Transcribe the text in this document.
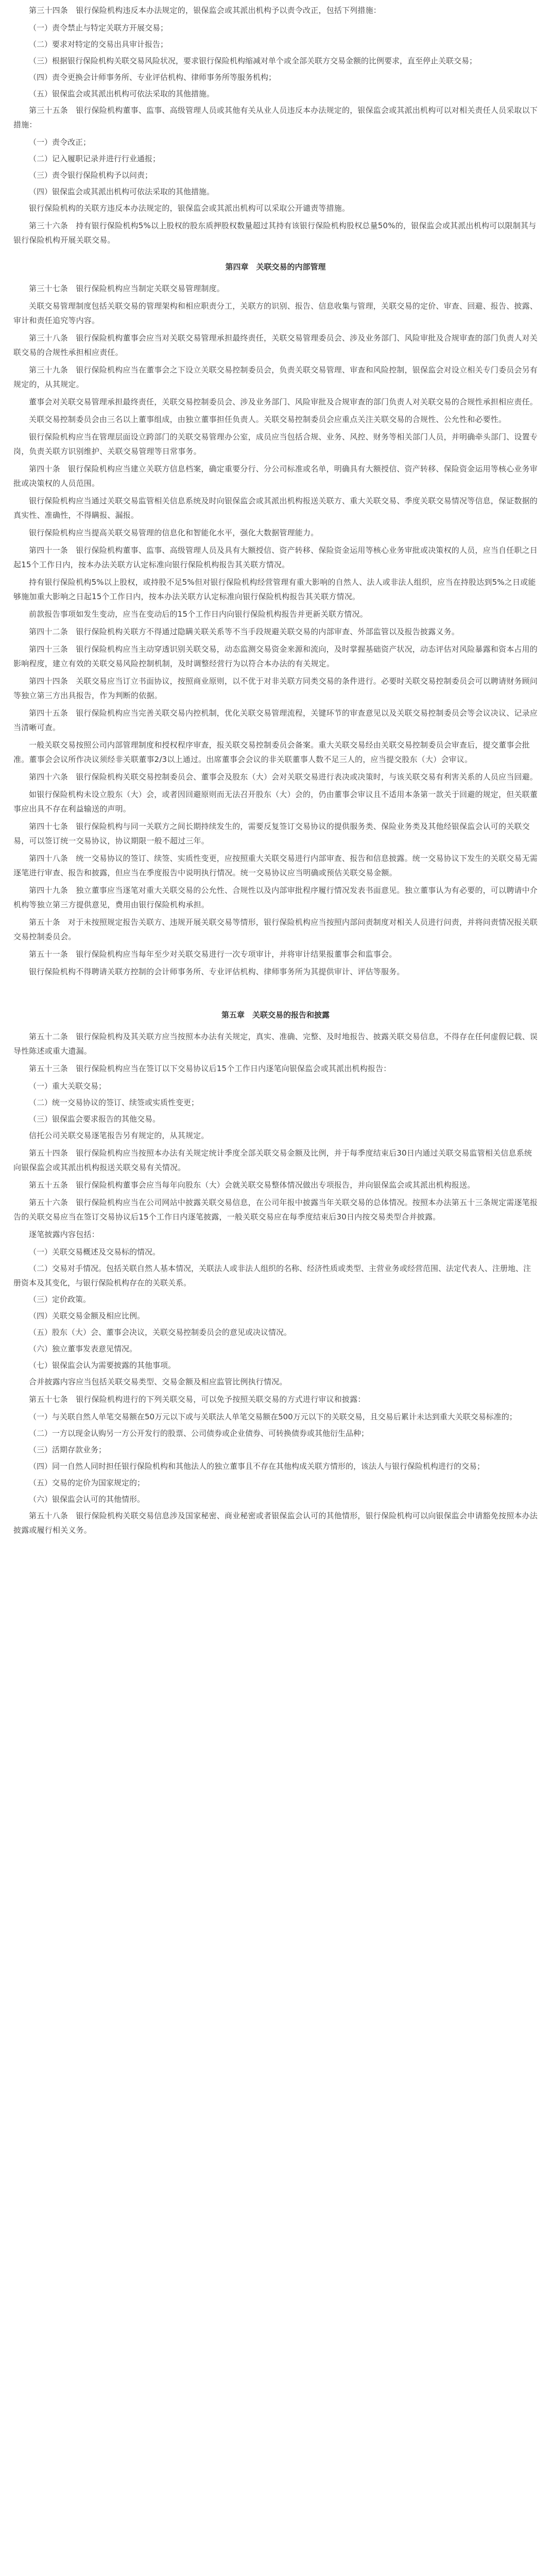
第三十四条　银行保险机构违反本办法规定的，银保监会或其派出机构予以责令改正，包括下列措施：

（一）责令禁止与特定关联方开展交易；

（二）要求对特定的交易出具审计报告；

（三）根据银行保险机构关联交易风险状况，要求银行保险机构缩减对单个或全部关联方交易金额的比例要求，直至停止关联交易；

（四）责令更换会计师事务所、专业评估机构、律师事务所等服务机构；

（五）银保监会或其派出机构可依法采取的其他措施。

第三十五条　银行保险机构董事、监事、高级管理人员或其他有关从业人员违反本办法规定的，银保监会或其派出机构可以对相关责任人员采取以下措施：

（一）责令改正；

（二）记入履职记录并进行行业通报；

（三）责令银行保险机构予以问责；

（四）银保监会或其派出机构可依法采取的其他措施。

银行保险机构的关联方违反本办法规定的，银保监会或其派出机构可以采取公开谴责等措施。

第三十六条　持有银行保险机构5%以上股权的股东质押股权数量超过其持有该银行保险机构股权总量50%的，银保监会或其派出机构可以限制其与银行保险机构开展关联交易。

第四章　关联交易的内部管理

第三十七条　银行保险机构应当制定关联交易管理制度。

关联交易管理制度包括关联交易的管理架构和相应职责分工，关联方的识别、报告、信息收集与管理，关联交易的定价、审查、回避、报告、披露、审计和责任追究等内容。

第三十八条　银行保险机构董事会应当对关联交易管理承担最终责任，关联交易管理委员会、涉及业务部门、风险审批及合规审查的部门负责人对关联交易的合规性承担相应责任。

第三十九条　银行保险机构应当在董事会之下设立关联交易控制委员会，负责关联交易管理、审查和风险控制，银保监会对设立相关专门委员会另有规定的，从其规定。

董事会对关联交易管理承担最终责任，关联交易控制委员会、涉及业务部门、风险审批及合规审查的部门负责人对关联交易的合规性承担相应责任。

关联交易控制委员会由三名以上董事组成，由独立董事担任负责人。关联交易控制委员会应重点关注关联交易的合规性、公允性和必要性。

银行保险机构应当在管理层面设立跨部门的关联交易管理办公室，成员应当包括合规、业务、风控、财务等相关部门人员，并明确牵头部门、设置专岗，负责关联方识别维护、关联交易管理等日常事务。

第四十条　银行保险机构应当建立关联方信息档案，确定重要分行、分公司标准或名单，明确具有大额授信、资产转移、保险资金运用等核心业务审批或决策权的人员范围。

银行保险机构应当通过关联交易监管相关信息系统及时向银保监会或其派出机构报送关联方、重大关联交易、季度关联交易情况等信息，保证数据的真实性、准确性，不得瞒报、漏报。

银行保险机构应当提高关联交易管理的信息化和智能化水平，强化大数据管理能力。

第四十一条　银行保险机构董事、监事、高级管理人员及具有大额授信、资产转移、保险资金运用等核心业务审批或决策权的人员，应当自任职之日起15个工作日内，按本办法关联方认定标准向银行保险机构报告其关联方情况。

持有银行保险机构5%以上股权，或持股不足5%但对银行保险机构经营管理有重大影响的自然人、法人或非法人组织，应当在持股达到5%之日或能够施加重大影响之日起15个工作日内，按本办法关联方认定标准向银行保险机构报告其关联方情况。

前款报告事项如发生变动，应当在变动后的15个工作日内向银行保险机构报告并更新关联方情况。

第四十二条　银行保险机构关联方不得通过隐瞒关联关系等不当手段规避关联交易的内部审查、外部监管以及报告披露义务。

第四十三条　银行保险机构应当主动穿透识别关联交易，动态监测交易资金来源和流向，及时掌握基础资产状况，动态评估对风险暴露和资本占用的影响程度，建立有效的关联交易风险控制机制，及时调整经营行为以符合本办法的有关规定。

第四十四条　关联交易应当订立书面协议，按照商业原则，以不优于对非关联方同类交易的条件进行。必要时关联交易控制委员会可以聘请财务顾问等独立第三方出具报告，作为判断的依据。

第四十五条　银行保险机构应当完善关联交易内控机制，优化关联交易管理流程，关键环节的审查意见以及关联交易控制委员会等会议决议、记录应当清晰可查。

一般关联交易按照公司内部管理制度和授权程序审查，报关联交易控制委员会备案。重大关联交易经由关联交易控制委员会审查后，提交董事会批准。董事会会议所作决议须经非关联董事2/3以上通过。出席董事会会议的非关联董事人数不足三人的，应当提交股东（大）会审议。

第四十六条　银行保险机构关联交易控制委员会、董事会及股东（大）会对关联交易进行表决或决策时，与该关联交易有利害关系的人员应当回避。

如银行保险机构未设立股东（大）会，或者因回避原则而无法召开股东（大）会的，仍由董事会审议且不适用本条第一款关于回避的规定，但关联董事应出具不存在利益输送的声明。

第四十七条　银行保险机构与同一关联方之间长期持续发生的，需要反复签订交易协议的提供服务类、保险业务类及其他经银保监会认可的关联交易，可以签订统一交易协议，协议期限一般不超过三年。

第四十八条　统一交易协议的签订、续签、实质性变更，应按照重大关联交易进行内部审查、报告和信息披露。统一交易协议下发生的关联交易无需逐笔进行审查、报告和披露，但应当在季度报告中说明执行情况。统一交易协议应当明确或预估关联交易金额。

第四十九条　独立董事应当逐笔对重大关联交易的公允性、合规性以及内部审批程序履行情况发表书面意见。独立董事认为有必要的，可以聘请中介机构等独立第三方提供意见，费用由银行保险机构承担。

第五十条　对于未按照规定报告关联方、违规开展关联交易等情形，银行保险机构应当按照内部问责制度对相关人员进行问责，并将问责情况报关联交易控制委员会。

第五十一条　银行保险机构应当每年至少对关联交易进行一次专项审计，并将审计结果报董事会和监事会。

银行保险机构不得聘请关联方控制的会计师事务所、专业评估机构、律师事务所为其提供审计、评估等服务。

第五章　关联交易的报告和披露

第五十二条　银行保险机构及其关联方应当按照本办法有关规定，真实、准确、完整、及时地报告、披露关联交易信息，不得存在任何虚假记载、误导性陈述或重大遗漏。

第五十三条　银行保险机构应当在签订以下交易协议后15个工作日内逐笔向银保监会或其派出机构报告：

（一）重大关联交易；

（二）统一交易协议的签订、续签或实质性变更；

（三）银保监会要求报告的其他交易。

信托公司关联交易逐笔报告另有规定的，从其规定。

第五十四条　银行保险机构应当按照本办法有关规定统计季度全部关联交易金额及比例，并于每季度结束后30日内通过关联交易监管相关信息系统向银保监会或其派出机构报送关联交易有关情况。

第五十五条　银行保险机构董事会应当每年向股东（大）会就关联交易整体情况做出专项报告，并向银保监会或其派出机构报送。

第五十六条　银行保险机构应当在公司网站中披露关联交易信息，在公司年报中披露当年关联交易的总体情况。按照本办法第五十三条规定需逐笔报告的关联交易应当在签订交易协议后15个工作日内逐笔披露，一般关联交易应在每季度结束后30日内按交易类型合并披露。

逐笔披露内容包括：

（一）关联交易概述及交易标的情况。

（二）交易对手情况。包括关联自然人基本情况，关联法人或非法人组织的名称、经济性质或类型、主营业务或经营范围、法定代表人、注册地、注册资本及其变化，与银行保险机构存在的关联关系。

（三）定价政策。

（四）关联交易金额及相应比例。

（五）股东（大）会、董事会决议，关联交易控制委员会的意见或决议情况。

（六）独立董事发表意见情况。

（七）银保监会认为需要披露的其他事项。

合并披露内容应当包括关联交易类型、交易金额及相应监管比例执行情况。

第五十七条　银行保险机构进行的下列关联交易，可以免予按照关联交易的方式进行审议和披露：

（一）与关联自然人单笔交易额在50万元以下或与关联法人单笔交易额在500万元以下的关联交易，且交易后累计未达到重大关联交易标准的；

（二）一方以现金认购另一方公开发行的股票、公司债券或企业债券、可转换债券或其他衍生品种；

（三）活期存款业务；

（四）同一自然人同时担任银行保险机构和其他法人的独立董事且不存在其他构成关联方情形的，该法人与银行保险机构进行的交易；

（五）交易的定价为国家规定的；

（六）银保监会认可的其他情形。

第五十八条　银行保险机构关联交易信息涉及国家秘密、商业秘密或者银保监会认可的其他情形，银行保险机构可以向银保监会申请豁免按照本办法披露或履行相关义务。
